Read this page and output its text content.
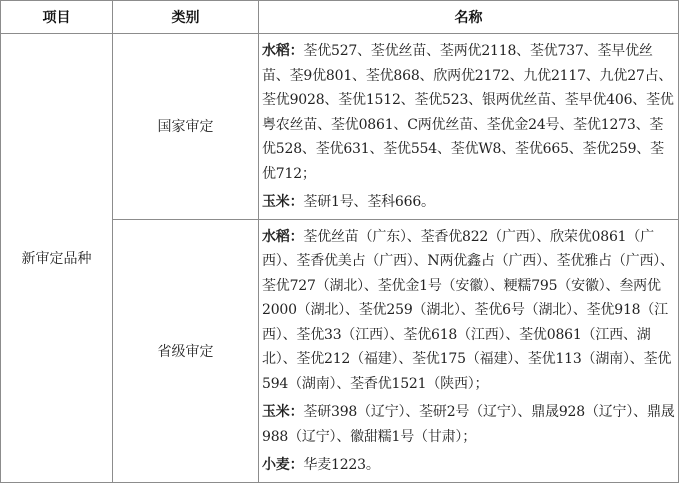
项目	类别	名称
新审定品种	国家审定	水稻：荃优527、荃优丝苗、荃两优2118、荃优737、荃早优丝苗、荃9优801、荃优868、欣两优2172、九优2117、九优27占、荃优9028、荃优1512、荃优523、银两优丝苗、荃早优406、荃优粤农丝苗、荃优0861、C两优丝苗、荃优金24号、荃优1273、荃优528、荃优631、荃优554、荃优W8、荃优665、荃优259、荃优712；

玉米：荃研1号、荃科666。

	省级审定	水稻：荃优丝苗（广东）、荃香优822（广西）、欣荣优0861（广西）、荃香优美占（广西）、N两优鑫占（广西）、荃优雅占（广西）、荃优727（湖北）、荃优金1号（安徽）、粳糯795（安徽）、叁两优2000（湖北）、荃优259（湖北）、荃优6号（湖北）、荃优918（江西）、荃优33（江西）、荃优618（江西）、荃优0861（江西、湖北）、荃优212（福建）、荃优175（福建）、荃优113（湖南）、荃优594（湖南）、荃香优1521（陕西）；

玉米：荃研398（辽宁）、荃研2号（辽宁）、鼎晟928（辽宁）、鼎晟988（辽宁）、徽甜糯1号（甘肃）；

小麦：华麦1223。
